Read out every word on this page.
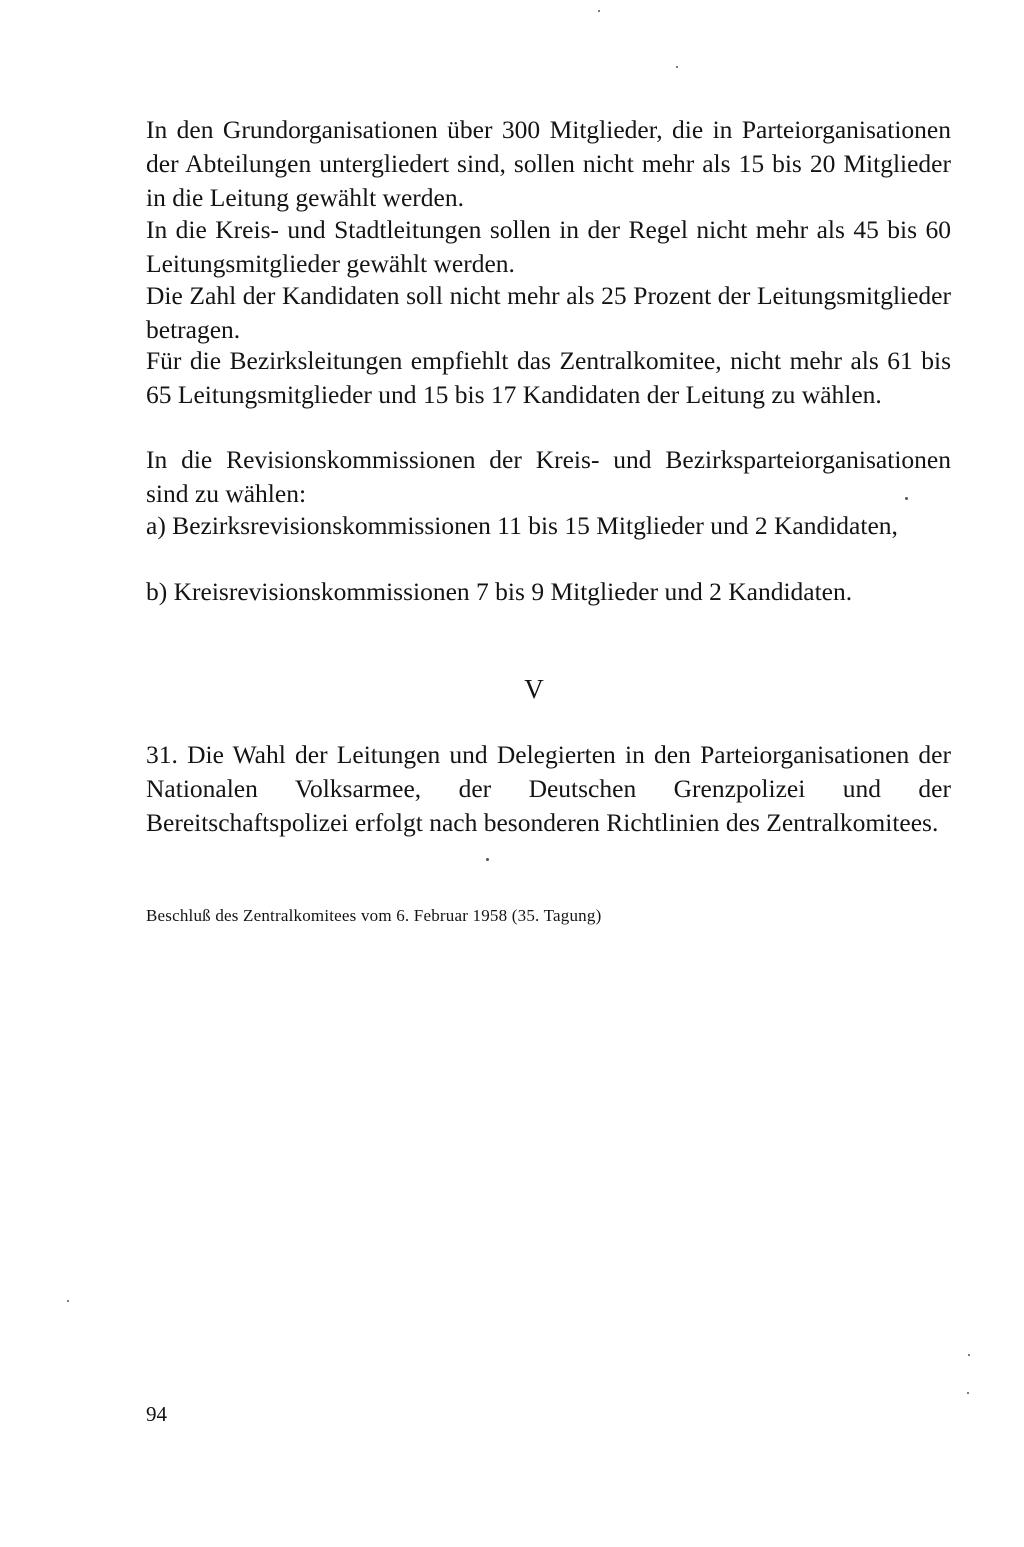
In den Grundorganisationen über 300 Mitglieder, die in Parteiorganisationen der Abteilungen untergliedert sind, sollen nicht mehr als 15 bis 20 Mitglieder in die Leitung gewählt werden.

In die Kreis- und Stadtleitungen sollen in der Regel nicht mehr als 45 bis 60 Leitungsmitglieder gewählt werden.

Die Zahl der Kandidaten soll nicht mehr als 25 Prozent der Leitungsmitglieder betragen.

Für die Bezirksleitungen empfiehlt das Zentralkomitee, nicht mehr als 61 bis 65 Leitungsmitglieder und 15 bis 17 Kandidaten der Leitung zu wählen.

In die Revisionskommissionen der Kreis- und Bezirksparteiorganisationen sind zu wählen:

a) Bezirksrevisionskommissionen 11 bis 15 Mitglieder und 2 Kandidaten,

b) Kreisrevisionskommissionen 7 bis 9 Mitglieder und 2 Kandidaten.

V

31. Die Wahl der Leitungen und Delegierten in den Parteiorganisationen der Nationalen Volksarmee, der Deutschen Grenzpolizei und der Bereitschaftspolizei erfolgt nach besonderen Richtlinien des Zentralkomitees.

Beschluß des Zentralkomitees vom 6. Februar 1958 (35. Tagung)

94
